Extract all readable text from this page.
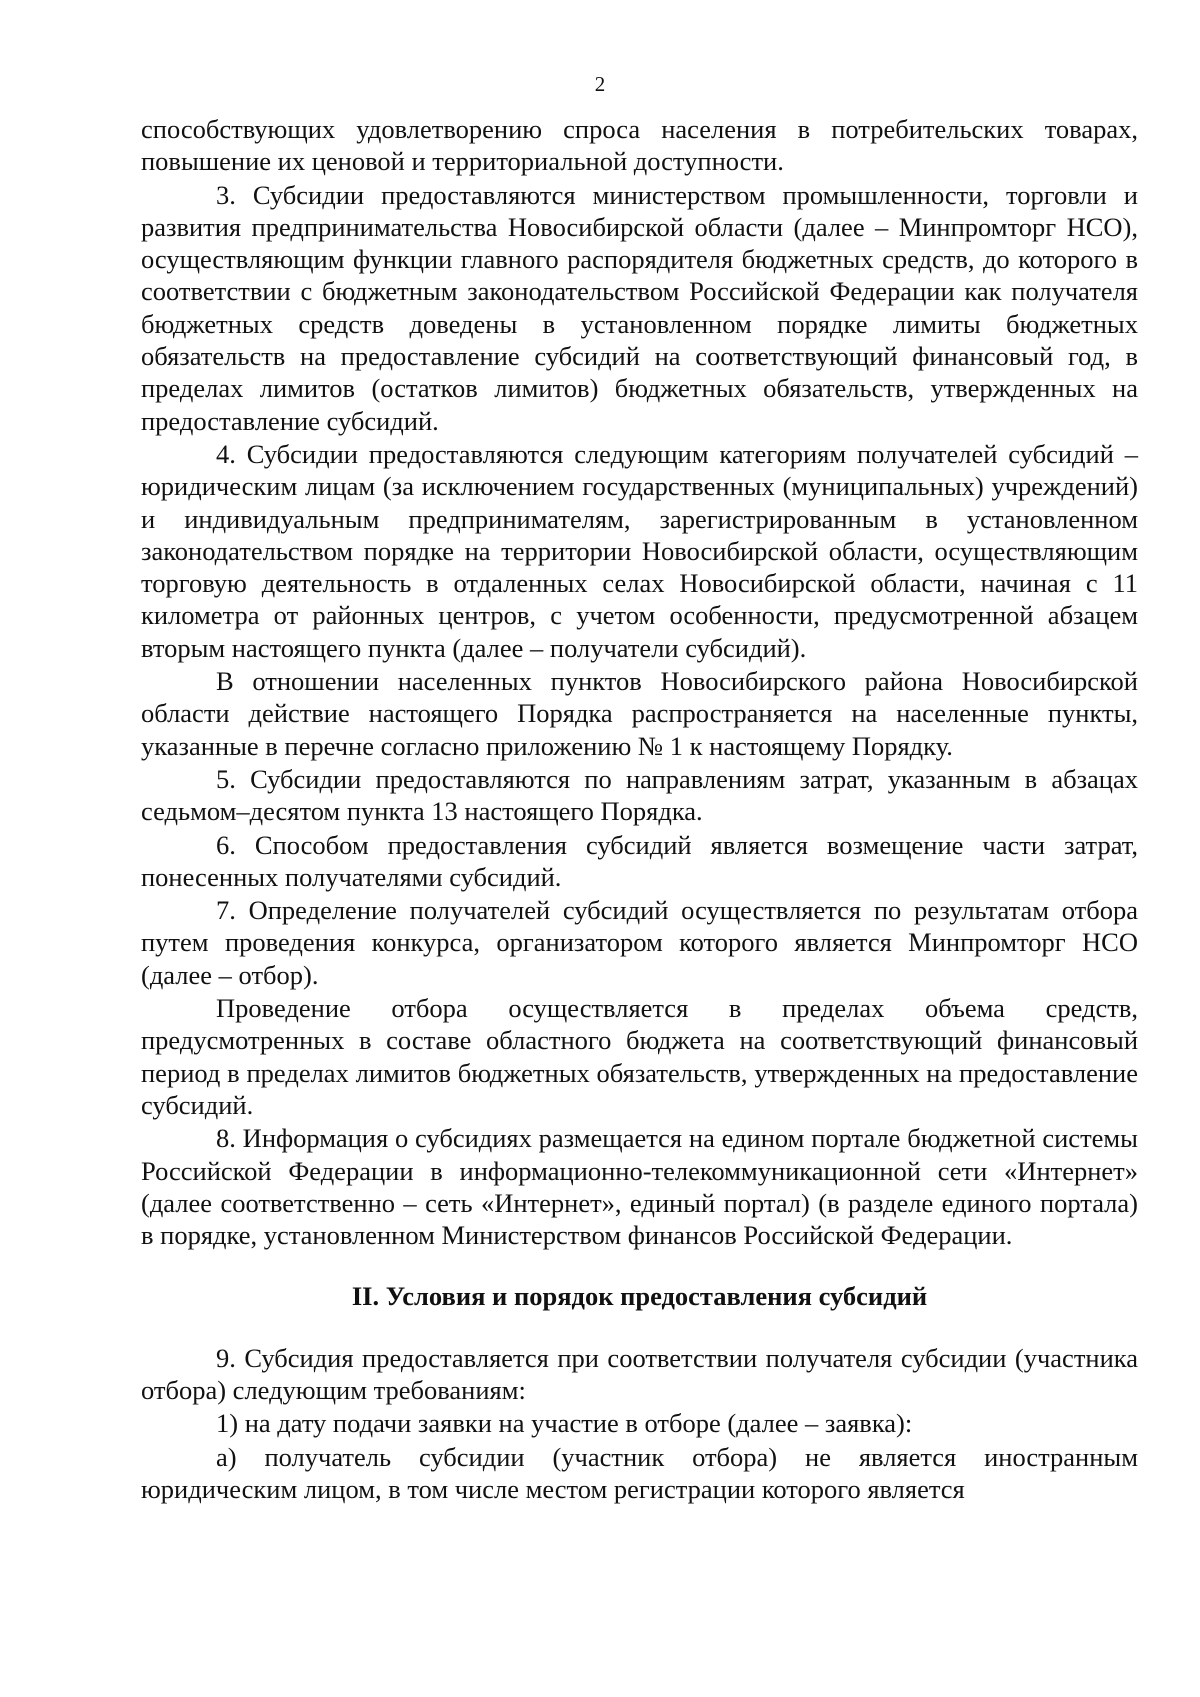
2

способствующих удовлетворению спроса населения в потребительских товарах, повышение их ценовой и территориальной доступности.

3. Субсидии предоставляются министерством промышленности, торговли и развития предпринимательства Новосибирской области (далее – Минпромторг НСО), осуществляющим функции главного распорядителя бюджетных средств, до которого в соответствии с бюджетным законодательством Российской Федерации как получателя бюджетных средств доведены в установленном порядке лимиты бюджетных обязательств на предоставление субсидий на соответствующий финансовый год, в пределах лимитов (остатков лимитов) бюджетных обязательств, утвержденных на предоставление субсидий.

4. Субсидии предоставляются следующим категориям получателей субсидий – юридическим лицам (за исключением государственных (муниципальных) учреждений) и индивидуальным предпринимателям, зарегистрированным в установленном законодательством порядке на территории Новосибирской области, осуществляющим торговую деятельность в отдаленных селах Новосибирской области, начиная с 11 километра от районных центров, с учетом особенности, предусмотренной абзацем вторым настоящего пункта (далее – получатели субсидий).

В отношении населенных пунктов Новосибирского района Новосибирской области действие настоящего Порядка распространяется на населенные пункты, указанные в перечне согласно приложению № 1 к настоящему Порядку.

5. Субсидии предоставляются по направлениям затрат, указанным в абзацах седьмом–десятом пункта 13 настоящего Порядка.

6. Способом предоставления субсидий является возмещение части затрат, понесенных получателями субсидий.

7. Определение получателей субсидий осуществляется по результатам отбора путем проведения конкурса, организатором которого является Минпромторг НСО (далее – отбор).

Проведение отбора осуществляется в пределах объема средств, предусмотренных в составе областного бюджета на соответствующий финансовый период в пределах лимитов бюджетных обязательств, утвержденных на предоставление субсидий.

8. Информация о субсидиях размещается на едином портале бюджетной системы Российской Федерации в информационно-телекоммуникационной сети «Интернет» (далее соответственно – сеть «Интернет», единый портал) (в разделе единого портала) в порядке, установленном Министерством финансов Российской Федерации.

II. Условия и порядок предоставления субсидий

9. Субсидия предоставляется при соответствии получателя субсидии (участника отбора) следующим требованиям:

1) на дату подачи заявки на участие в отборе (далее – заявка):

а) получатель субсидии (участник отбора) не является иностранным юридическим лицом, в том числе местом регистрации которого является
